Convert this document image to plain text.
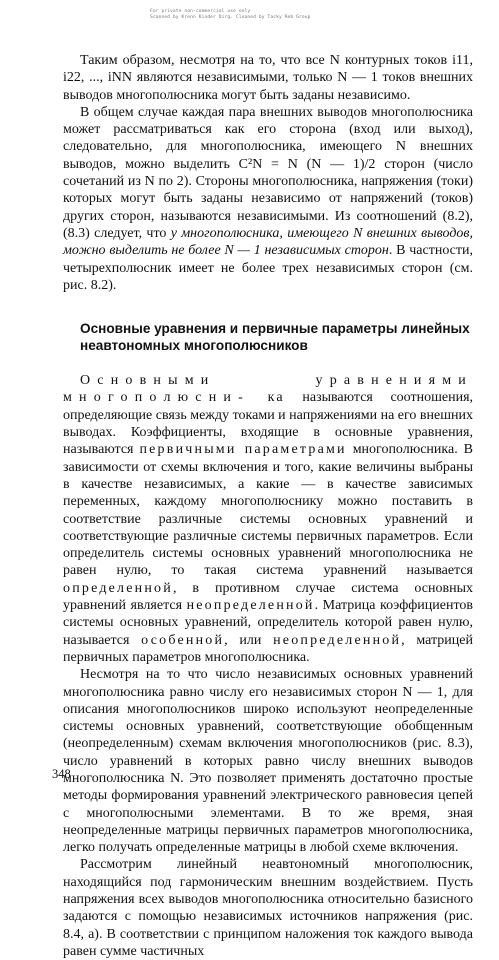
For private non-commercial use only
Scanned by Krenn Kinder Dirg. Cleaned by Tacky Reb Group

Таким образом, несмотря на то, что все N контурных токов i11, i22, ..., iNN являются независимыми, только N — 1 токов внешних выводов многополюсника могут быть заданы независимо.

В общем случае каждая пара внешних выводов многополюсника может рассматриваться как его сторона (вход или выход), следовательно, для многополюсника, имеющего N внешних выводов, можно выделить C²N = N (N — 1)/2 сторон (число сочетаний из N по 2). Стороны многополюсника, напряжения (токи) которых могут быть заданы независимо от напряжений (токов) других сторон, называются независимыми. Из соотношений (8.2), (8.3) следует, что у многополюсника, имеющего N внешних выводов, можно выделить не более N — 1 независимых сторон. В частности, четырехполюсник имеет не более трех независимых сторон (см. рис. 8.2).

Основные уравнения и первичные параметры линейных
неавтономных многополюсников

Основными уравнениями многополюсни- ка называются соотношения, определяющие связь между токами и напряжениями на его внешних выводах. Коэффициенты, входящие в основные уравнения, называются первичными параметрами многополюсника. В зависимости от схемы включения и того, какие величины выбраны в качестве независимых, а какие — в качестве зависимых переменных, каждому многополюснику можно поставить в соответствие различные системы основных уравнений и соответствующие различные системы первичных параметров. Если определитель системы основных уравнений многополюсника не равен нулю, то такая система уравнений называется определенной, в противном случае система основных уравнений является неопределенной. Матрица коэффициентов системы основных уравнений, определитель которой равен нулю, называется особенной, или неопределенной, матрицей первичных параметров многополюсника.

Несмотря на то что число независимых основных уравнений многополюсника равно числу его независимых сторон N — 1, для описания многополюсников широко используют неопределенные системы основных уравнений, соответствующие обобщенным (неопределенным) схемам включения многополюсников (рис. 8.3), число уравнений в которых равно числу внешних выводов многополюсника N. Это позволяет применять достаточно простые методы формирования уравнений электрического равновесия цепей с многополюсными элементами. В то же время, зная неопределенные матрицы первичных параметров многополюсника, легко получать определенные матрицы в любой схеме включения.

Рассмотрим линейный неавтономный многополюсник, находящийся под гармоническим внешним воздействием. Пусть напряжения всех выводов многополюсника относительно базисного задаются с помощью независимых источников напряжения (рис. 8.4, а). В соответствии с принципом наложения ток каждого вывода равен сумме частичных

348
